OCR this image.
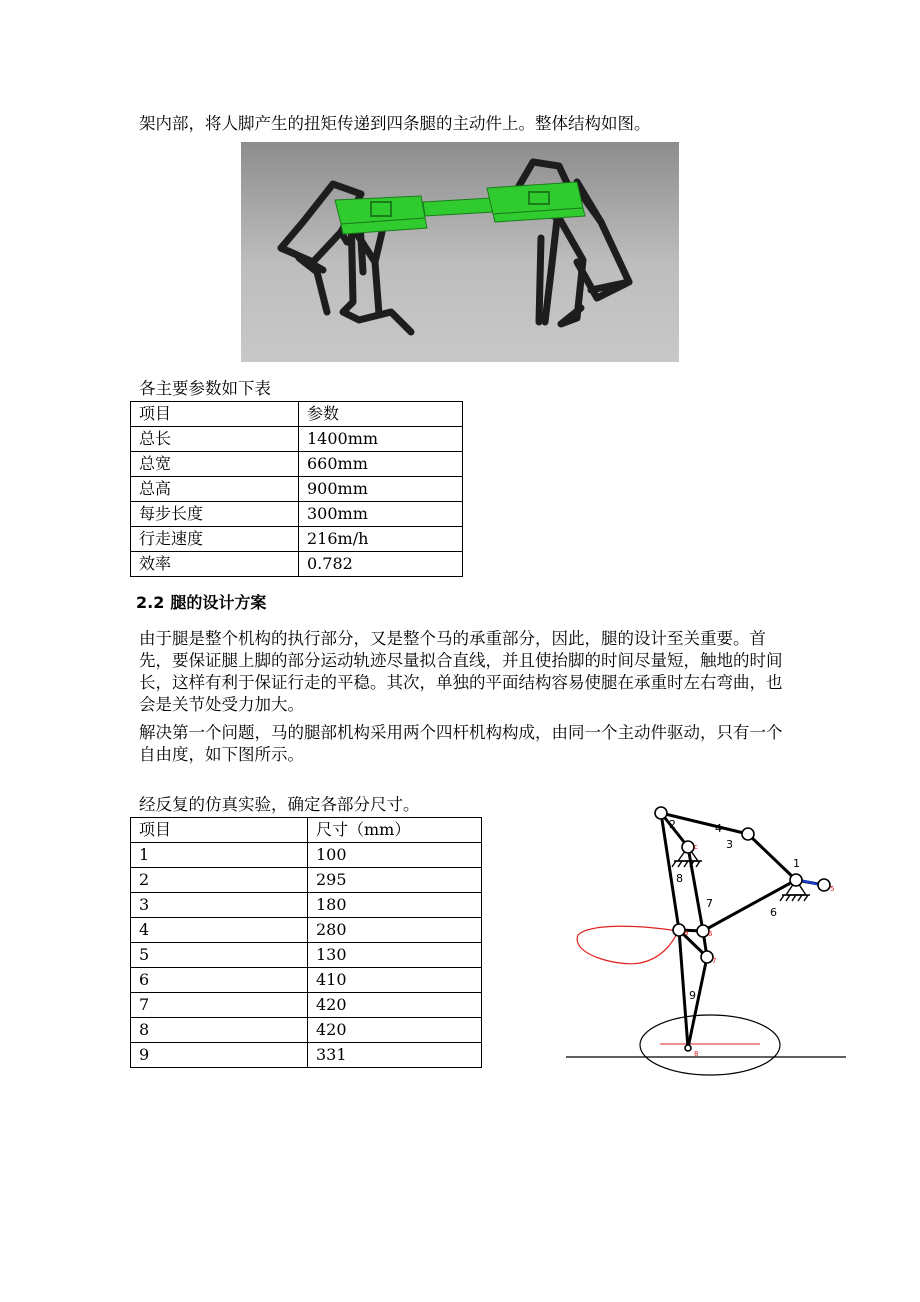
架内部，将人脚产生的扭矩传递到四条腿的主动件上。整体结构如图。
各主要参数如下表
项目	参数
总长	1400mm
总宽	660mm
总高	900mm
每步长度	300mm
行走速度	216m/h
效率	0.782
2.2 腿的设计方案
由于腿是整个机构的执行部分，又是整个马的承重部分，因此，腿的设计至关重要。首先，要保证腿上脚的部分运动轨迹尽量拟合直线，并且使抬脚的时间尽量短，触地的时间长，这样有利于保证行走的平稳。其次，单独的平面结构容易使腿在承重时左右弯曲，也会是关节处受力加大。
解决第一个问题，马的腿部机构采用两个四杆机构构成，由同一个主动件驱动，只有一个自由度，如下图所示。
经反复的仿真实验，确定各部分尺寸。
项目	尺寸（mm）
1	100
2	295
3	180
4	280
5	130
6	410
7	420
8	420
9	331
3
4
8
7
6
9
1
2
c
5
6
7
8
a
